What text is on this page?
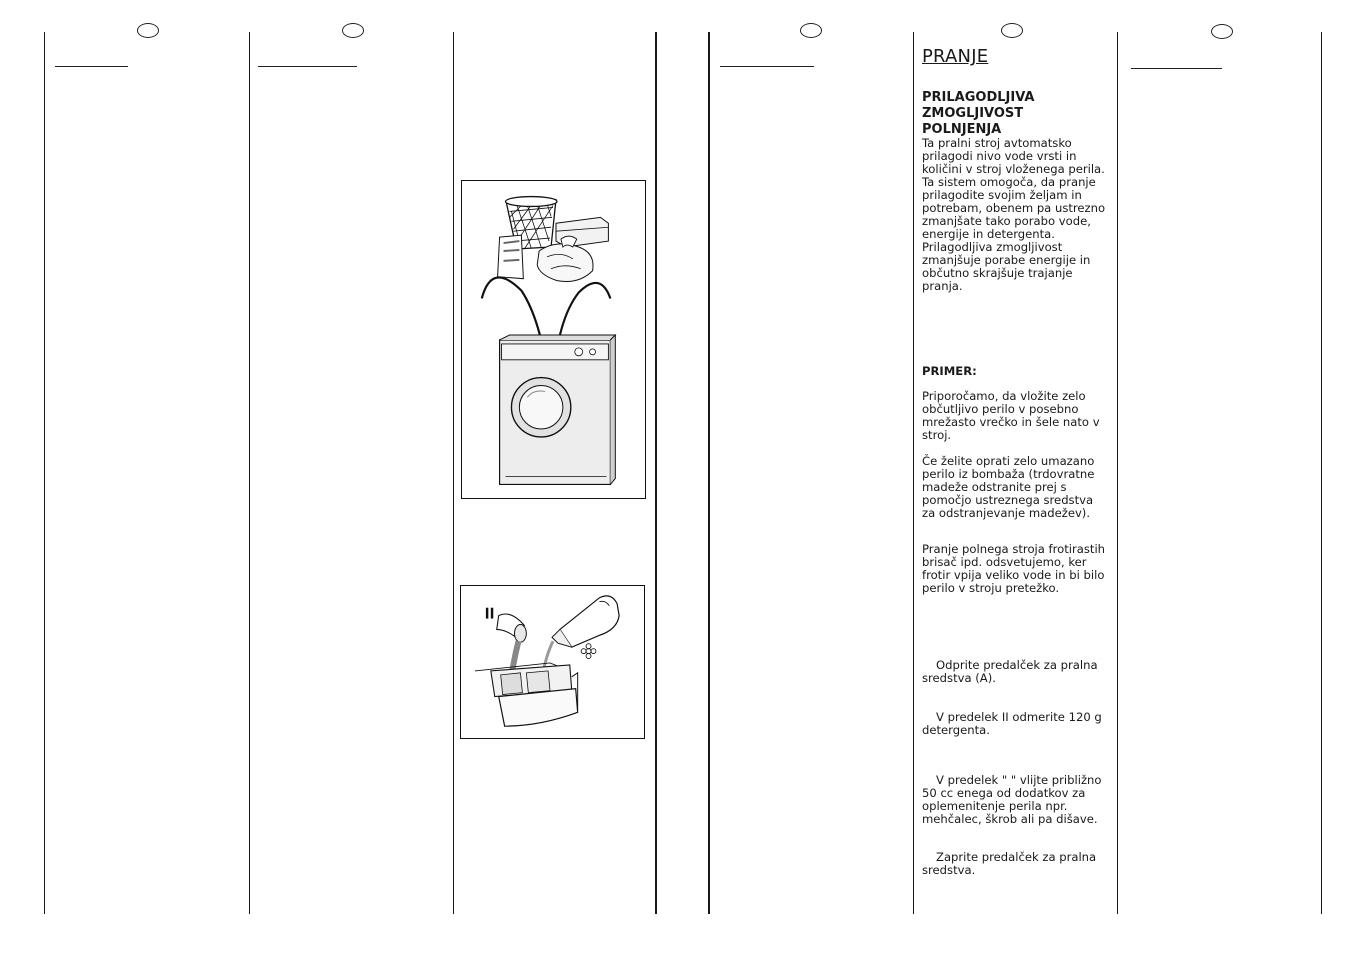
PRANJE
PRILAGODLJIVA ZMOGLJIVOST POLNJENJA

Ta pralni stroj avtomatsko prilagodi nivo vode vrsti in količini v stroj vloženega perila. Ta sistem omogoča, da pranje prilagodite svojim željam in potrebam, obenem pa ustrezno zmanjšate tako porabo vode, energije in detergenta. Prilagodljiva zmogljivost zmanjšuje porabe energije in občutno skrajšuje trajanje pranja.

PRIMER:

Priporočamo, da vložite zelo občutljivo perilo v posebno mrežasto vrečko in šele nato v stroj.

Če želite oprati zelo umazano perilo iz bombaža (trdovratne madeže odstranite prej s pomočjo ustreznega sredstva za odstranjevanje madežev).

Pranje polnega stroja frotirastih brisač ipd. odsvetujemo, ker frotir vpija veliko vode in bi bilo perilo v stroju pretežko.

Odprite predalček za pralna sredstva (A).

V predelek II odmerite 120 g detergenta.

V predelek " " vlijte približno 50 cc enega od dodatkov za oplemenitenje perila npr. mehčalec, škrob ali pa dišave.

Zaprite predalček za pralna sredstva.
